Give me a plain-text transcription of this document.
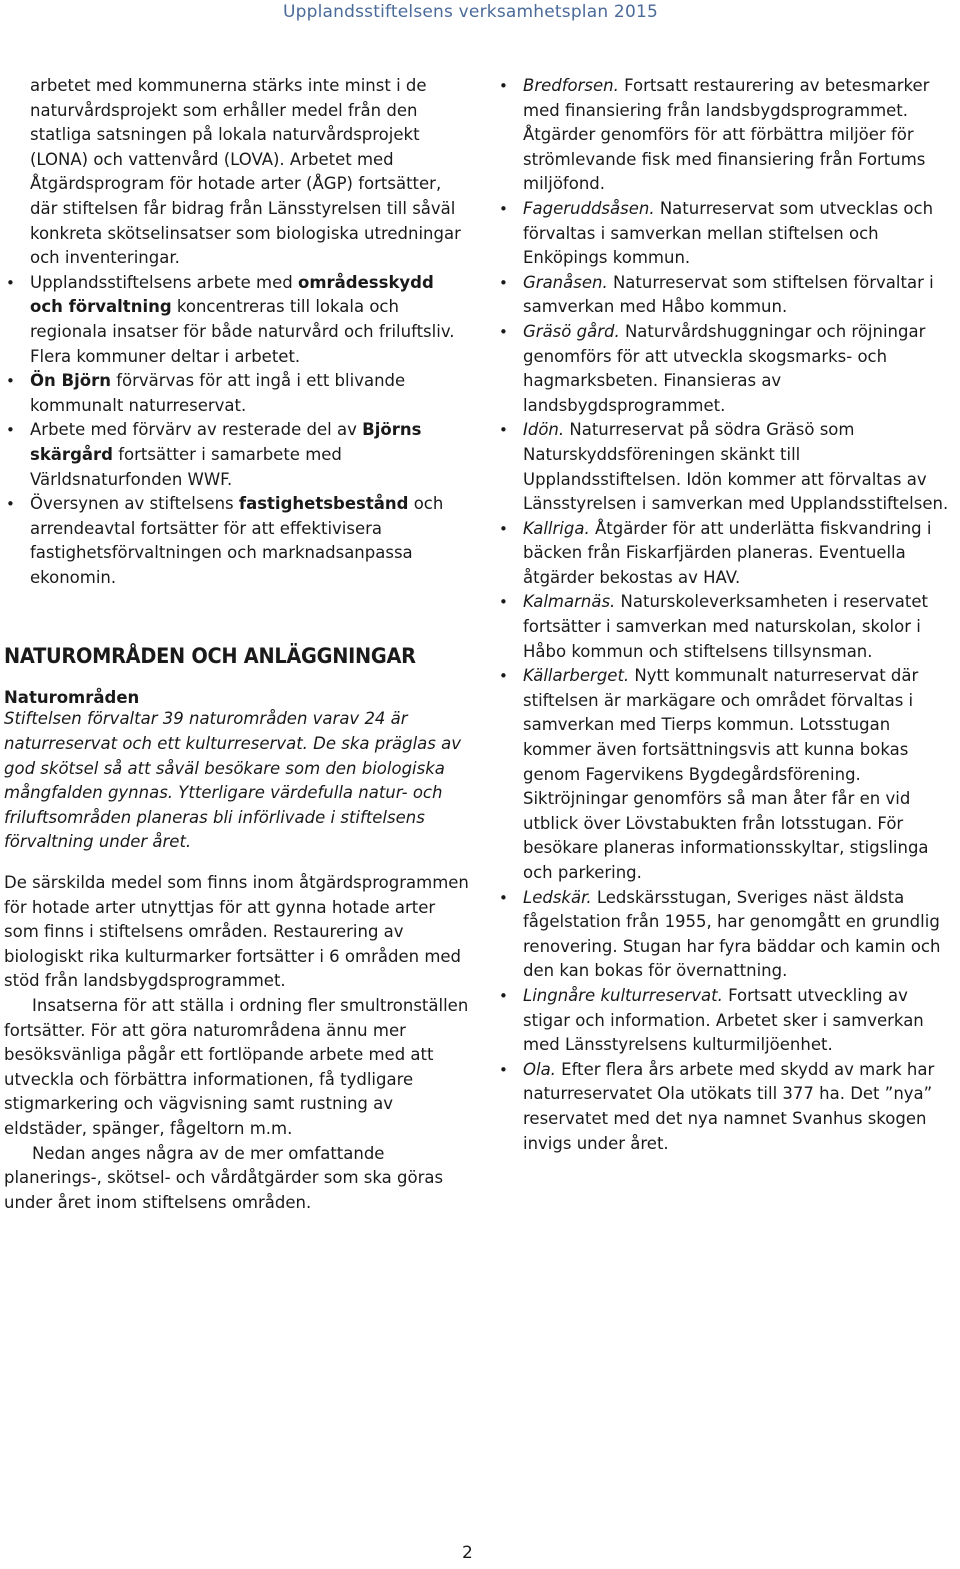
Upplandsstiftelsens verksamhetsplan 2015

arbetet med kommunerna stärks inte minst i de naturvårdsprojekt som erhåller medel från den statliga satsningen på lokala naturvårdsprojekt (LONA) och vattenvård (LOVA). Arbetet med Åtgärdsprogram för hotade arter (ÅGP) fortsätter, där stiftelsen får bidrag från Länsstyrelsen till såväl konkreta skötselinsatser som biologiska utredningar och inventeringar.

• Upplandsstiftelsens arbete med områdesskydd och förvaltning koncentreras till lokala och regionala insatser för både naturvård och friluftsliv. Flera kommuner deltar i arbetet.
• Ön Björn förvärvas för att ingå i ett blivande kommunalt naturreservat.
• Arbete med förvärv av resterade del av Björns skärgård fortsätter i samarbete med Världsnaturfonden WWF.
• Översynen av stiftelsens fastighetsbestånd och arrendeavtal fortsätter för att effektivisera fastighetsförvaltningen och marknadsanpassa ekonomin.
NATUROMRÅDEN OCH ANLÄGGNINGAR
Naturområden

Stiftelsen förvaltar 39 naturområden varav 24 är naturreservat och ett kulturreservat. De ska präglas av god skötsel så att såväl besökare som den biologiska mångfalden gynnas. Ytterligare värdefulla natur- och friluftsområden planeras bli införlivade i stiftelsens förvaltning under året.

De särskilda medel som finns inom åtgärdsprogrammen för hotade arter utnyttjas för att gynna hotade arter som finns i stiftelsens områden. Restaurering av biologiskt rika kulturmarker fortsätter i 6 områden med stöd från landsbygdsprogrammet.

Insatserna för att ställa i ordning fler smultronställen fortsätter. För att göra naturområdena ännu mer besöksvänliga pågår ett fortlöpande arbete med att utveckla och förbättra informationen, få tydligare stigmarkering och vägvisning samt rustning av eldstäder, spänger, fågeltorn m.m.

Nedan anges några av de mer omfattande planerings-, skötsel- och vårdåtgärder som ska göras under året inom stiftelsens områden.

• Bredforsen. Fortsatt restaurering av betesmarker med finansiering från landsbygdsprogrammet. Åtgärder genomförs för att förbättra miljöer för strömlevande fisk med finansiering från Fortums miljöfond.
• Fageruddsåsen. Naturreservat som utvecklas och förvaltas i samverkan mellan stiftelsen och Enköpings kommun.
• Granåsen. Naturreservat som stiftelsen förvaltar i samverkan med Håbo kommun.
• Gräsö gård. Naturvårdshuggningar och röjningar genomförs för att utveckla skogsmarks- och hagmarksbeten. Finansieras av landsbygdsprogrammet.
• Idön. Naturreservat på södra Gräsö som Naturskyddsföreningen skänkt till Upplandsstiftelsen. Idön kommer att förvaltas av Länsstyrelsen i samverkan med Upplandsstiftelsen.
• Kallriga. Åtgärder för att underlätta fiskvandring i bäcken från Fiskarfjärden planeras. Eventuella åtgärder bekostas av HAV.
• Kalmarnäs. Naturskoleverksamheten i reservatet fortsätter i samverkan med naturskolan, skolor i Håbo kommun och stiftelsens tillsynsman.
• Källarberget. Nytt kommunalt naturreservat där stiftelsen är markägare och området förvaltas i samverkan med Tierps kommun. Lotsstugan kommer även fortsättningsvis att kunna bokas genom Fagervikens Bygdegårdsförening. Siktröjningar genomförs så man åter får en vid utblick över Lövstabukten från lotsstugan. För besökare planeras informationsskyltar, stigslinga och parkering.
• Ledskär. Ledskärsstugan, Sveriges näst äldsta fågelstation från 1955, har genomgått en grundlig renovering. Stugan har fyra bäddar och kamin och den kan bokas för övernattning.
• Lingnåre kulturreservat. Fortsatt utveckling av stigar och information. Arbetet sker i samverkan med Länsstyrelsens kulturmiljöenhet.
• Ola. Efter flera års arbete med skydd av mark har naturreservatet Ola utökats till 377 ha. Det ”nya” reservatet med det nya namnet Svanhus skogen invigs under året.
2
